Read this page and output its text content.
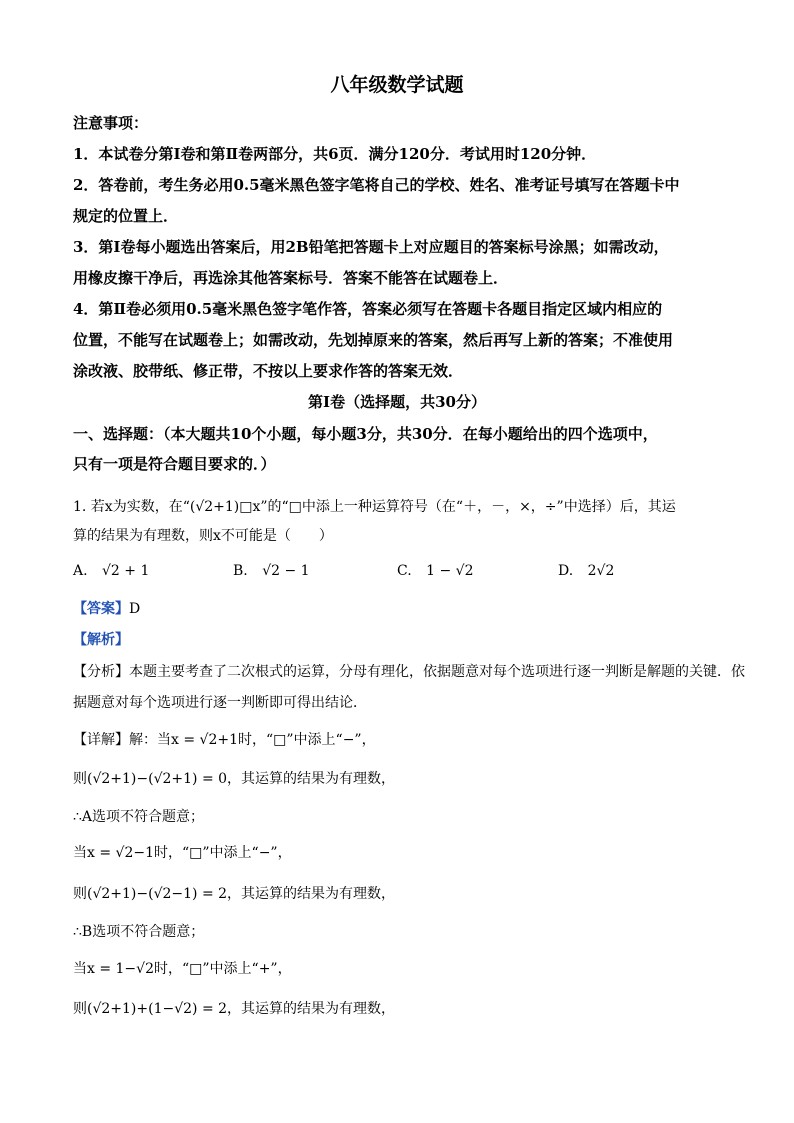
八年级数学试题
注意事项：
1．本试卷分第Ⅰ卷和第Ⅱ卷两部分，共6页．满分120分．考试用时120分钟．
2．答卷前，考生务必用0.5毫米黑色签字笔将自己的学校、姓名、准考证号填写在答题卡中
规定的位置上．
3．第Ⅰ卷每小题选出答案后，用2B铅笔把答题卡上对应题目的答案标号涂黑；如需改动，
用橡皮擦干净后，再选涂其他答案标号．答案不能答在试题卷上．
4．第Ⅱ卷必须用0.5毫米黑色签字笔作答，答案必须写在答题卡各题目指定区域内相应的
位置，不能写在试题卷上；如需改动，先划掉原来的答案，然后再写上新的答案；不准使用
涂改液、胶带纸、修正带，不按以上要求作答的答案无效．
第Ⅰ卷（选择题，共30分）
一、选择题：（本大题共10个小题，每小题3分，共30分．在每小题给出的四个选项中，
只有一项是符合题目要求的．）
1. 若x为实数，在“(√2+1)□x”的“□中添上一种运算符号（在“＋，－，×，÷”中选择）后，其运
算的结果为有理数，则x不可能是（　　）
A. √2 + 1	B. √2 − 1	C. 1 − √2	D. 2√2
【答案】D
【解析】
【分析】本题主要考查了二次根式的运算，分母有理化，依据题意对每个选项进行逐一判断是解题的关键．依
据题意对每个选项进行逐一判断即可得出结论．
【详解】解：当x = √2+1时，“□”中添上“−”，
则(√2+1)−(√2+1) = 0，其运算的结果为有理数，
∴A选项不符合题意；
当x = √2−1时，“□”中添上“−”，
则(√2+1)−(√2−1) = 2，其运算的结果为有理数，
∴B选项不符合题意；
当x = 1−√2时，“□”中添上“+”，
则(√2+1)+(1−√2) = 2，其运算的结果为有理数，
